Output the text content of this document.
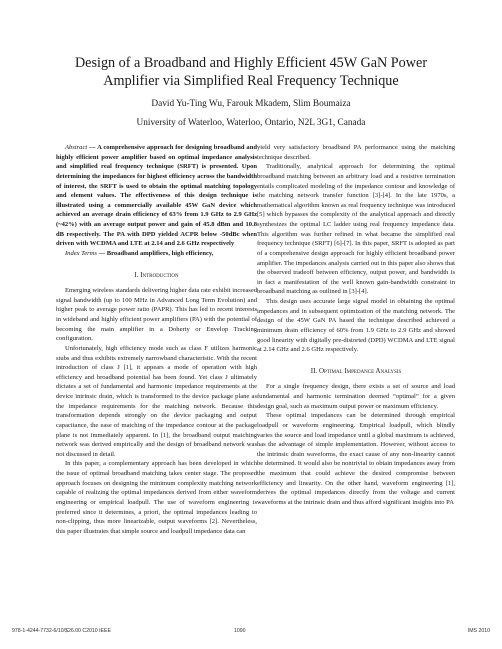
Design of a Broadband and Highly Efficient 45W GaN Power
Amplifier via Simplified Real Frequency Technique

David Yu-Ting Wu, Farouk Mkadem, Slim Boumaiza

University of Waterloo, Waterloo, Ontario, N2L 3G1, Canada

Abstract — A comprehensive approach for designing broadband and highly efficient power amplifier based on optimal impedance analysis and simplified real frequency technique (SRFT) is presented. Upon determining the impedances for highest efficiency across the bandwidth of interest, the SRFT is used to obtain the optimal matching topology and element values. The effectiveness of this design technique is illustrated using a commercially available 45W GaN device which achieved an average drain efficiency of 63% from 1.9 GHz to 2.9 GHz (~42%) with an average output power and gain of 45.8 dBm and 10.8 dB respectively. The PA with DPD yielded ACPR below -50dBc when driven with WCDMA and LTE at 2.14 and 2.6 GHz respectively

Index Terms — Broadband amplifiers, high efficiency,

I. Introduction

Emerging wireless standards delivering higher data rate exhibit increased signal bandwidth (up to 100 MHz in Advanced Long Term Evolution) and higher peak to average power ratio (PAPR). This has led to recent interests in wideband and highly efficient power amplifiers (PA) with the potential of becoming the main amplifier in a Doherty or Envelop Tracking configuration.

Unfortunately, high efficiency mode such as class F utilizes harmonic stubs and thus exhibits extremely narrowband characteristic. With the recent introduction of class J [1], it appears a mode of operation with high efficiency and broadband potential has been found. Yet class J ultimately dictates a set of fundamental and harmonic impedance requirements at the device intrinsic drain, which is transformed to the device package plane as the impedance requirements for the matching network. Because this transformation depends strongly on the device packaging and output capacitance, the ease of matching of the impedance contour at the package plane is not immediately apparent. In [1], the broadband output matching network was derived empirically and the design of broadband network was not discussed in detail.

In this paper, a complementary approach has been developed in which the issue of optimal broadband matching takes center stage. The proposed approach focuses on designing the minimum complexity matching network capable of realizing the optimal impedances derived from either waveform engineering or empirical loadpull. The use of waveform engineering is preferred since it determines, a priori, the optimal impedances leading to non-clipping, thus more linearizable, output waveforms [2]. Nevertheless, this paper illustrates that simple source and loadpull impedance data can

yield very satisfactory broadband PA performance using the matching technique described.

Traditionally, analytical approach for determining the optimal broadband matching between an arbitrary load and a resistive termination entails complicated modeling of the impedance contour and knowledge of the matching network transfer function [3]-[4]. In the late 1970s, a mathematical algorithm known as real frequency technique was introduced [5] which bypasses the complexity of the analytical approach and directly synthesizes the optimal LC ladder using real frequency impedance data. This algorithm was further refined in what became the simplified real frequency technique (SRFT) [6]-[7]. In this paper, SRFT is adopted as part of a comprehensive design approach for highly efficient broadband power amplifier. The impedances analysis carried out in this paper also shows that the observed tradeoff between efficiency, output power, and bandwidth is in fact a manifestation of the well known gain-bandwidth constraint in broadband matching as outlined in [3]-[4].

This design uses accurate large signal model in obtaining the optimal impedances and in subsequent optimization of the matching network. The design of the 45W GaN PA based the technique described achieved a minimum drain efficiency of 60% from 1.9 GHz to 2.9 GHz and showed good linearity with digitally pre-distorted (DPD) WCDMA and LTE signal at 2.14 GHz and 2.6 GHz respectively.

II. Optimal Impedance Analysis

For a single frequency design, there exists a set of source and load fundamental and harmonic termination deemed “optimal” for a given design goal, such as maximum output power or maximum efficiency.

These optimal impedances can be determined through empirical loadpull or waveform engineering. Empirical loadpull, which blindly varies the source and load impedance until a global maximum is achieved, has the advantage of simple implementation. However, without access to the intrinsic drain waveforms, the exact cause of any non-linearity cannot be determined. It would also be nontrivial to obtain impedances away from the maximum that could achieve the desired compromise between efficiency and linearity. On the other hand, waveform engineering [1], derives the optimal impedances directly from the voltage and current waveforms at the intrinsic drain and thus afford significant insights into PA

978-1-4244-7732-6/10/$26.00 C2010 IEEE	1090	IMS 2010
